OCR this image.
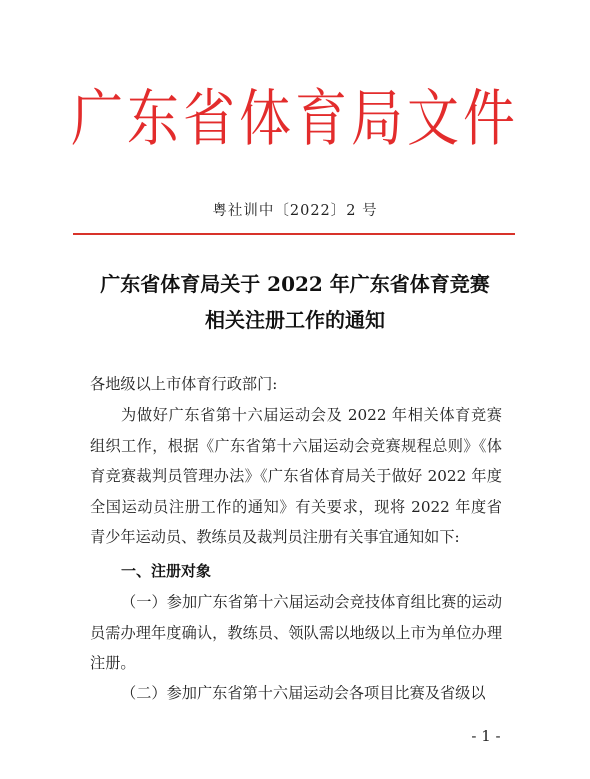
广东省体育局文件
粤社训中〔2022〕2 号
广东省体育局关于 2022 年广东省体育竞赛
相关注册工作的通知
各地级以上市体育行政部门:
为做好广东省第十六届运动会及 2022 年相关体育竞赛组织工作，根据《广东省第十六届运动会竞赛规程总则》《体育竞赛裁判员管理办法》《广东省体育局关于做好 2022 年度全国运动员注册工作的通知》有关要求，现将 2022 年度省青少年运动员、教练员及裁判员注册有关事宜通知如下:
一、注册对象
（一）参加广东省第十六届运动会竞技体育组比赛的运动员需办理年度确认，教练员、领队需以地级以上市为单位办理注册。
（二）参加广东省第十六届运动会各项目比赛及省级以
- 1 -
